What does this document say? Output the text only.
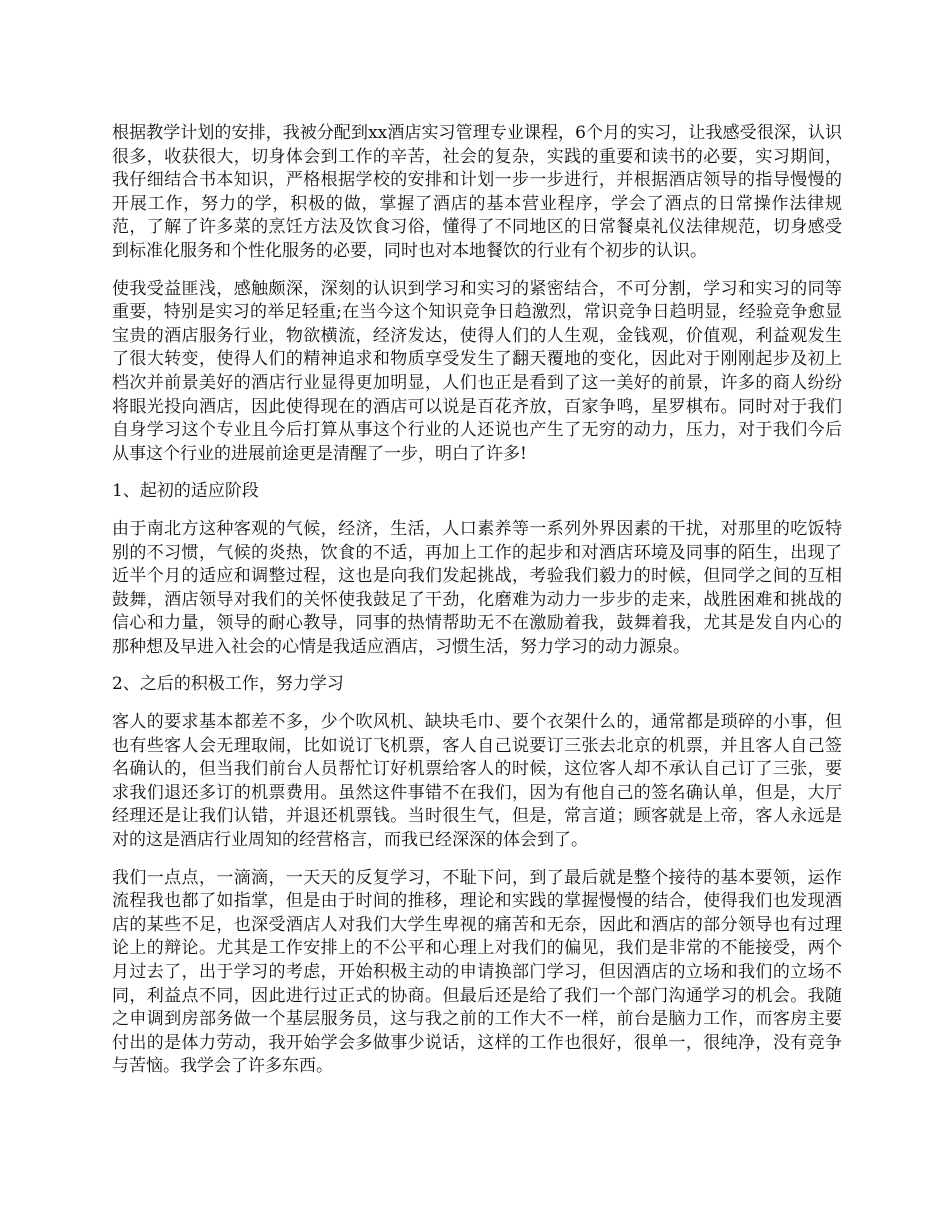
根据教学计划的安排，我被分配到xx酒店实习管理专业课程，6个月的实习，让我感受很深，认识很多，收获很大，切身体会到工作的辛苦，社会的复杂，实践的重要和读书的必要，实习期间，我仔细结合书本知识，严格根据学校的安排和计划一步一步进行，并根据酒店领导的指导慢慢的开展工作，努力的学，积极的做，掌握了酒店的基本营业程序，学会了酒点的日常操作法律规范，了解了许多菜的烹饪方法及饮食习俗，懂得了不同地区的日常餐桌礼仪法律规范，切身感受到标准化服务和个性化服务的必要，同时也对本地餐饮的行业有个初步的认识。

使我受益匪浅，感触颇深，深刻的认识到学习和实习的紧密结合，不可分割，学习和实习的同等重要，特别是实习的举足轻重;在当今这个知识竞争日趋激烈，常识竞争日趋明显，经验竞争愈显宝贵的酒店服务行业，物欲横流，经济发达，使得人们的人生观，金钱观，价值观，利益观发生了很大转变，使得人们的精神追求和物质享受发生了翻天覆地的变化，因此对于刚刚起步及初上档次并前景美好的酒店行业显得更加明显，人们也正是看到了这一美好的前景，许多的商人纷纷将眼光投向酒店，因此使得现在的酒店可以说是百花齐放，百家争鸣，星罗棋布。同时对于我们自身学习这个专业且今后打算从事这个行业的人还说也产生了无穷的动力，压力，对于我们今后从事这个行业的进展前途更是清醒了一步，明白了许多!

1、起初的适应阶段

由于南北方这种客观的气候，经济，生活，人口素养等一系列外界因素的干扰，对那里的吃饭特别的不习惯，气候的炎热，饮食的不适，再加上工作的起步和对酒店环境及同事的陌生，出现了近半个月的适应和调整过程，这也是向我们发起挑战，考验我们毅力的时候，但同学之间的互相鼓舞，酒店领导对我们的关怀使我鼓足了干劲，化磨难为动力一步步的走来，战胜困难和挑战的信心和力量，领导的耐心教导，同事的热情帮助无不在激励着我，鼓舞着我，尤其是发自内心的那种想及早进入社会的心情是我适应酒店，习惯生活，努力学习的动力源泉。

2、之后的积极工作，努力学习

客人的要求基本都差不多，少个吹风机、缺块毛巾、要个衣架什么的，通常都是琐碎的小事，但也有些客人会无理取闹，比如说订飞机票，客人自己说要订三张去北京的机票，并且客人自己签名确认的，但当我们前台人员帮忙订好机票给客人的时候，这位客人却不承认自己订了三张，要求我们退还多订的机票费用。虽然这件事错不在我们，因为有他自己的签名确认单，但是，大厅经理还是让我们认错，并退还机票钱。当时很生气，但是，常言道；顾客就是上帝，客人永远是对的这是酒店行业周知的经营格言，而我已经深深的体会到了。

我们一点点，一滴滴，一天天的反复学习，不耻下问，到了最后就是整个接待的基本要领，运作流程我也都了如指掌，但是由于时间的推移，理论和实践的掌握慢慢的结合，使得我们也发现酒店的某些不足，也深受酒店人对我们大学生卑视的痛苦和无奈，因此和酒店的部分领导也有过理论上的辩论。尤其是工作安排上的不公平和心理上对我们的偏见，我们是非常的不能接受，两个月过去了，出于学习的考虑，开始积极主动的申请换部门学习，但因酒店的立场和我们的立场不同，利益点不同，因此进行过正式的协商。但最后还是给了我们一个部门沟通学习的机会。我随之申调到房部务做一个基层服务员，这与我之前的工作大不一样，前台是脑力工作，而客房主要付出的是体力劳动，我开始学会多做事少说话，这样的工作也很好，很单一，很纯净，没有竞争与苦恼。我学会了许多东西。
